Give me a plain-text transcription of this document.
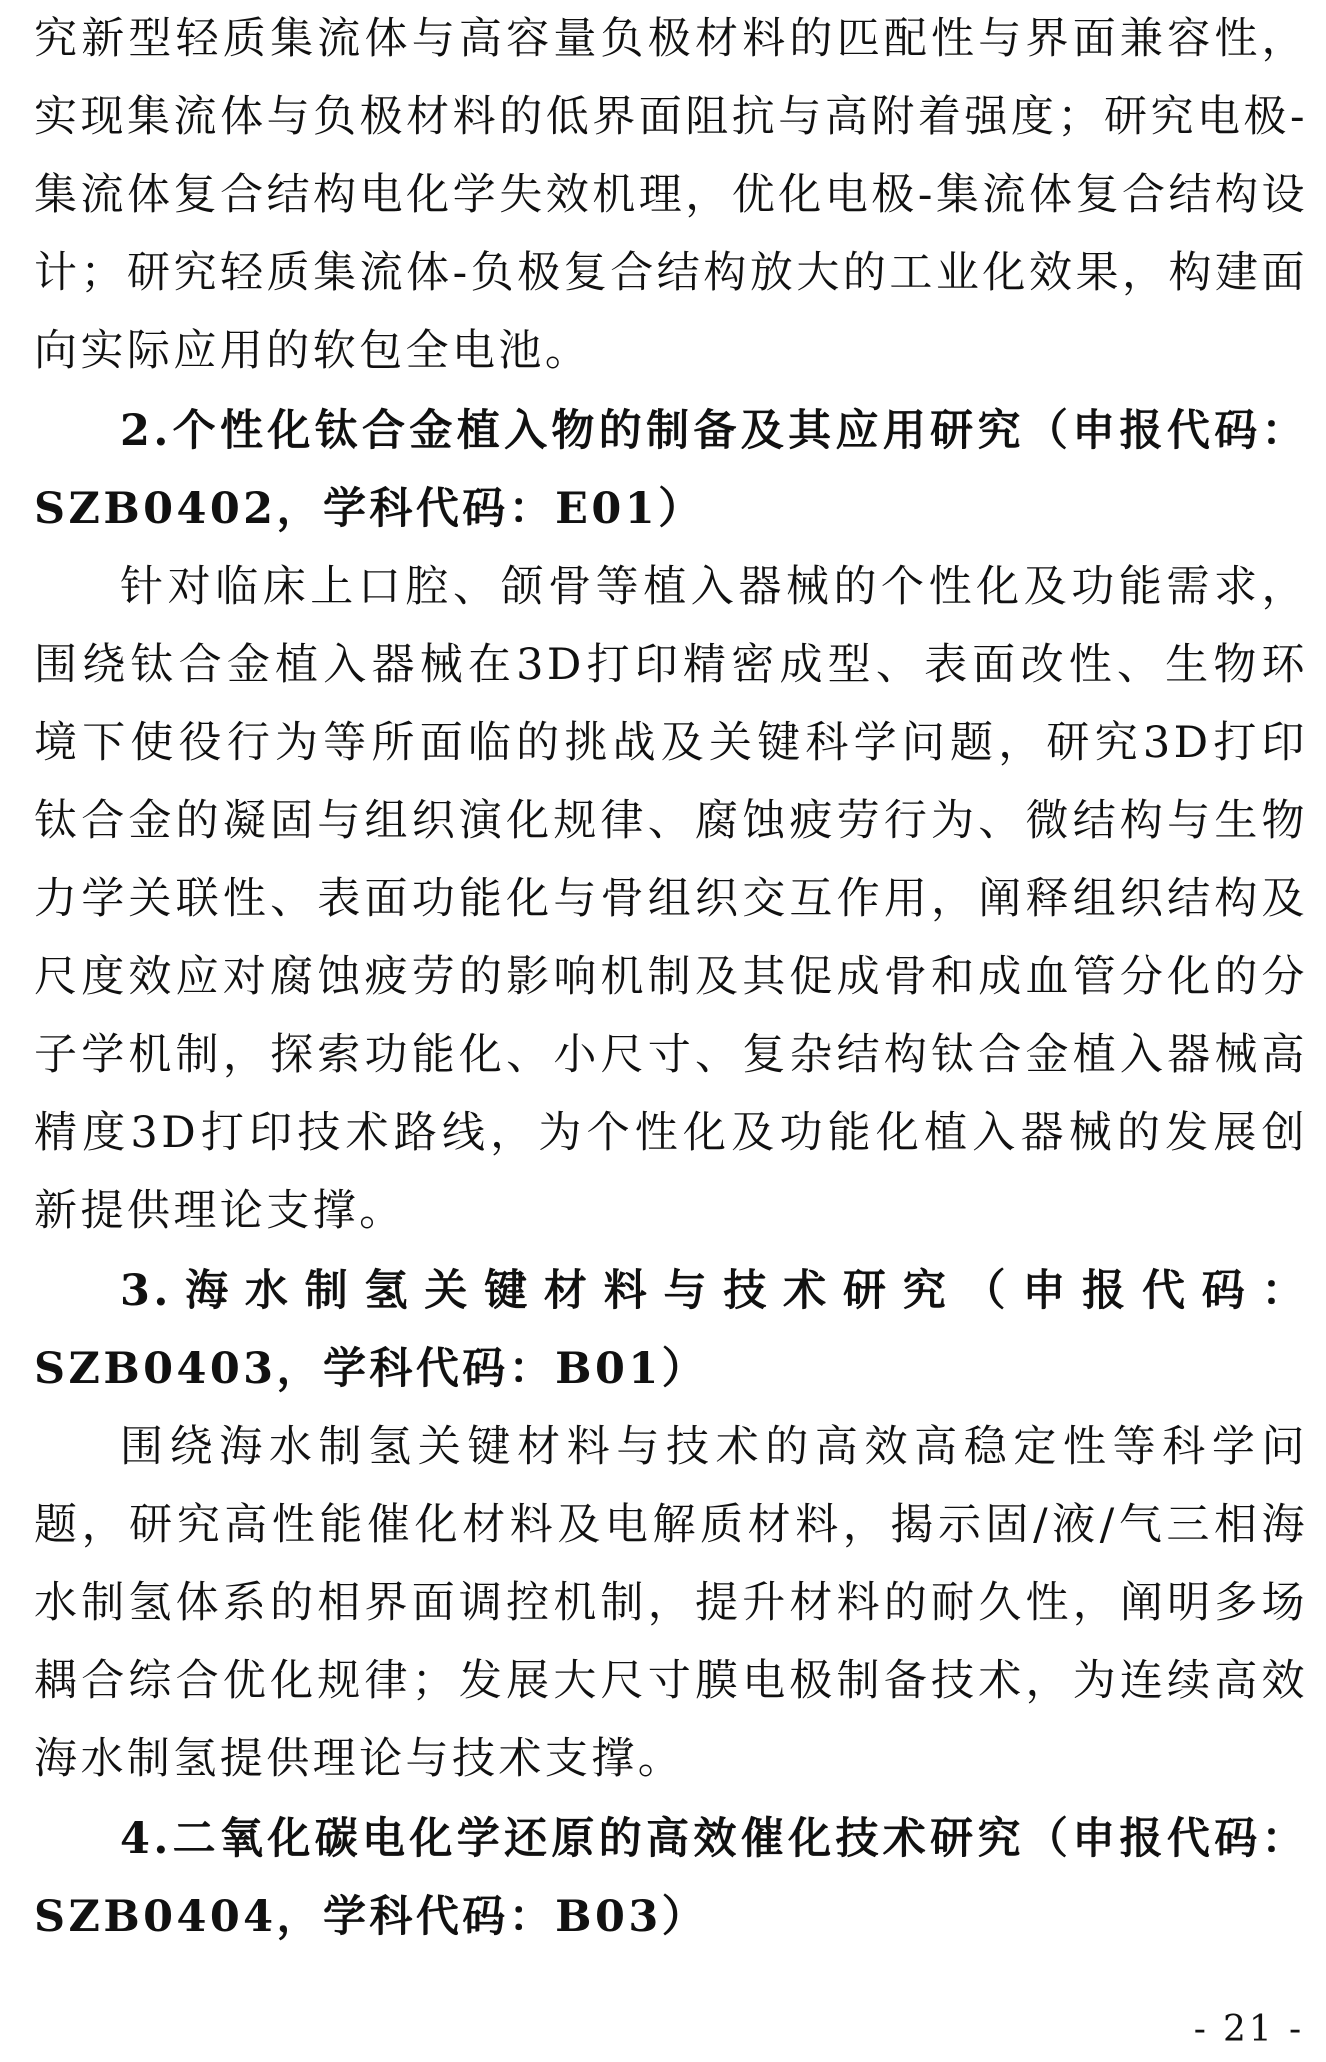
究新型轻质集流体与高容量负极材料的匹配性与界面兼容性，实现集流体与负极材料的低界面阻抗与高附着强度；研究电极-集流体复合结构电化学失效机理，优化电极-集流体复合结构设计；研究轻质集流体-负极复合结构放大的工业化效果，构建面向实际应用的软包全电池。

2.个性化钛合金植入物的制备及其应用研究（申报代码：SZB0402，学科代码：E01）

针对临床上口腔、颌骨等植入器械的个性化及功能需求，围绕钛合金植入器械在3D打印精密成型、表面改性、生物环境下使役行为等所面临的挑战及关键科学问题，研究3D打印钛合金的凝固与组织演化规律、腐蚀疲劳行为、微结构与生物力学关联性、表面功能化与骨组织交互作用，阐释组织结构及尺度效应对腐蚀疲劳的影响机制及其促成骨和成血管分化的分子学机制，探索功能化、小尺寸、复杂结构钛合金植入器械高精度3D打印技术路线，为个性化及功能化植入器械的发展创新提供理论支撑。

3.海水制氢关键材料与技术研究（申报代码：SZB0403，学科代码：B01）

围绕海水制氢关键材料与技术的高效高稳定性等科学问题，研究高性能催化材料及电解质材料，揭示固/液/气三相海水制氢体系的相界面调控机制，提升材料的耐久性，阐明多场耦合综合优化规律；发展大尺寸膜电极制备技术，为连续高效海水制氢提供理论与技术支撑。

4.二氧化碳电化学还原的高效催化技术研究（申报代码：SZB0404，学科代码：B03）

- 21 -
